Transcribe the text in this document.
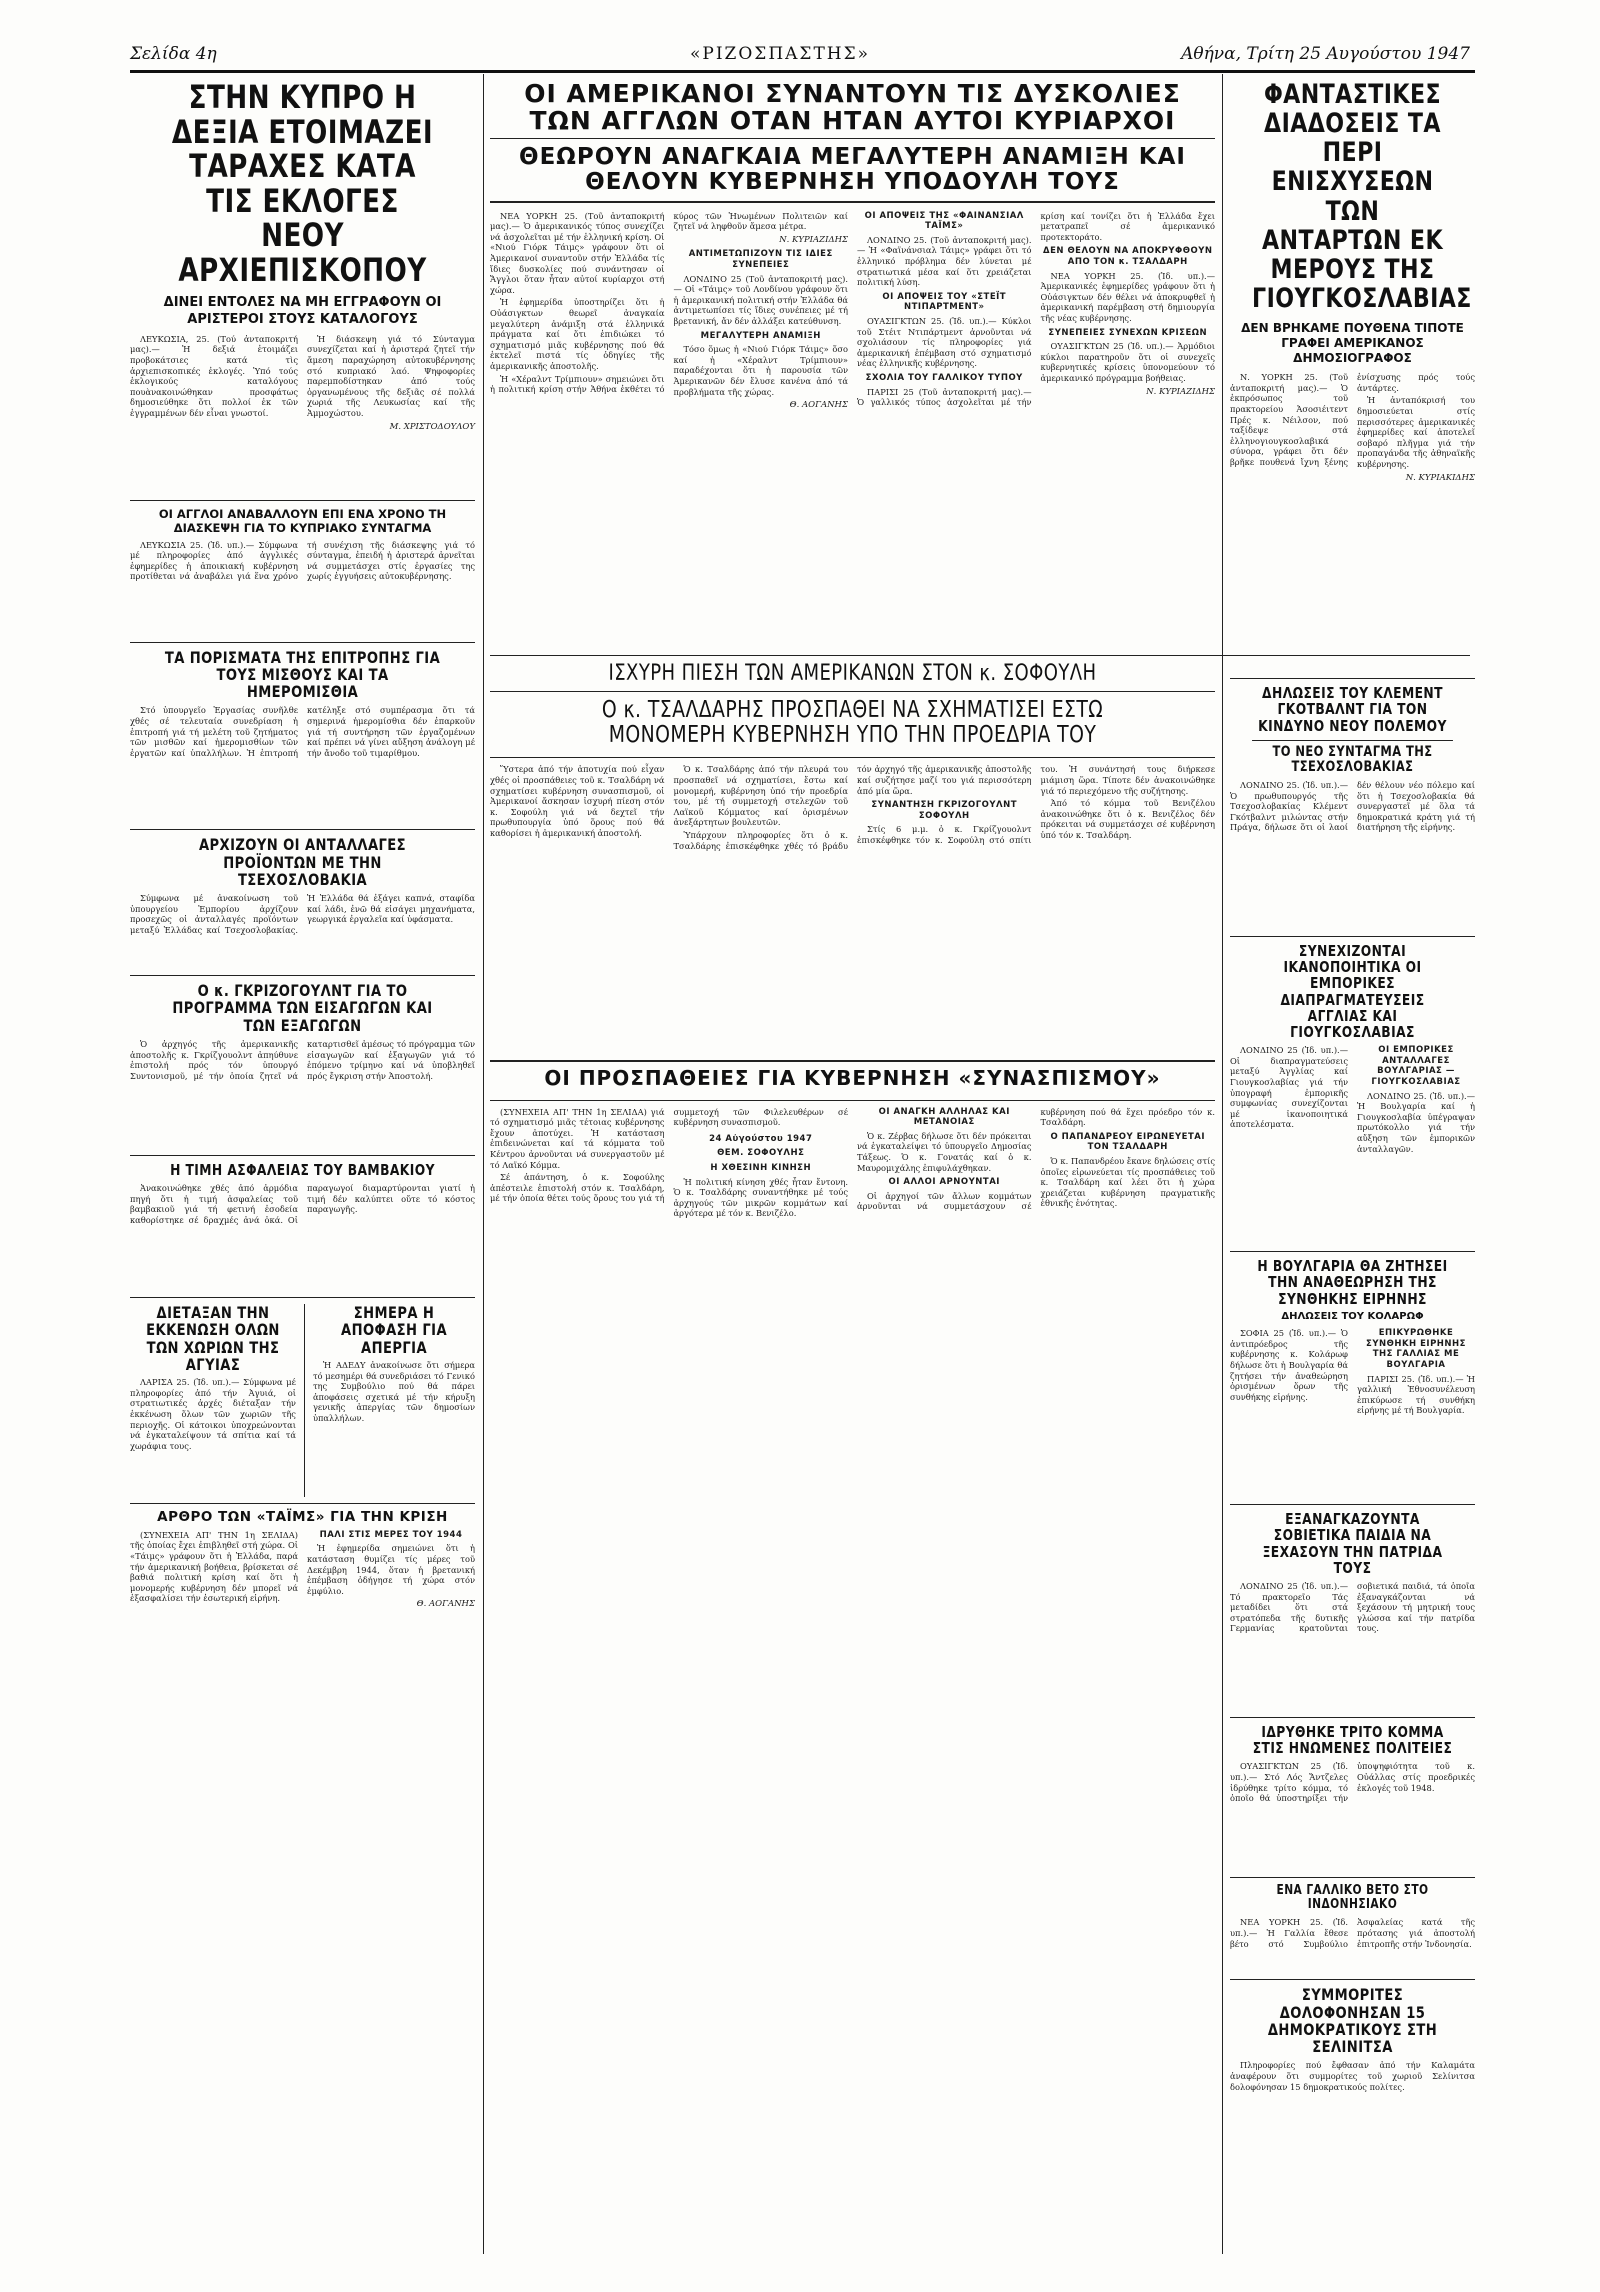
Σελίδα 4η	«ΡΙΖΟΣΠΑΣΤΗΣ»	Αθήνα, Τρίτη 25 Αυγούστου 1947
ΣΤΗΝ ΚΥΠΡΟ Η ΔΕΞΙΑ ΕΤΟΙΜΑΖΕΙ ΤΑΡΑΧΕΣ ΚΑΤΑ ΤΙΣ ΕΚΛΟΓΕΣ ΝΕΟΥ ΑΡΧΙΕΠΙΣΚΟΠΟΥ
ΔΙΝΕΙ ΕΝΤΟΛΕΣ ΝΑ ΜΗ ΕΓΓΡΑΦΟΥΝ ΟΙ ΑΡΙΣΤΕΡΟΙ ΣΤΟΥΣ ΚΑΤΑΛΟΓΟΥΣ

ΛΕΥΚΩΣΙΑ, 25. (Τού ἀνταποκριτή μας).— Ἡ δεξιά ἑτοιμάζει προβοκάτσιες κατά τὶς ἀρχιεπισκοπικές ἐκλογές. Ὑπό τούς ἐκλογικούς καταλόγους πουὰνακοινώθηκαν προσφάτως δημοσιεύθηκε ὅτι πολλοί ἐκ τῶν ἐγγραμμένων δέν εἶναι γνωστοί.

Ἡ διάσκεψη γιά τό Σύνταγμα συνεχίζεται καί ἡ ἀριστερά ζητεῖ τήν ἄμεση παραχώρηση αὐτοκυβέρνησης στό κυπριακό λαό. Ψηφοφορίες παρεμποδίστηκαν ἀπό τούς ὀργανωμένους τῆς δεξιᾶς σέ πολλά χωριά τῆς Λευκωσίας καί τῆς Ἀμμοχώστου.

Μ. ΧΡΙΣΤΟΔΟΥΛΟΥ
ΟΙ ΑΓΓΛΟΙ ΑΝΑΒΑΛΛΟΥΝ ΕΠΙ ΕΝΑ ΧΡΟΝΟ ΤΗ ΔΙΑΣΚΕΨΗ ΓΙΑ ΤΟ ΚΥΠΡΙΑΚΟ ΣΥΝΤΑΓΜΑ

ΛΕΥΚΩΣΙΑ 25. (Ἰδ. υπ.).— Σύμφωνα μέ πληροφορίες ἀπό ἀγγλικές ἐφημερίδες ἡ ἀποικιακή κυβέρνηση προτίθεται νά ἀναβάλει γιά ἕνα χρόνο τή συνέχιση τῆς διάσκεψης γιά τό σύνταγμα, ἐπειδή ἡ ἀριστερά ἀρνεῖται νά συμμετάσχει στίς ἐργασίες της χωρίς ἐγγυήσεις αὐτοκυβέρνησης.

ΤΑ ΠΟΡΙΣΜΑΤΑ ΤΗΣ ΕΠΙΤΡΟΠΗΣ ΓΙΑ ΤΟΥΣ ΜΙΣΘΟΥΣ ΚΑΙ ΤΑ ΗΜΕΡΟΜΙΣΘΙΑ

Στό ὑπουργεῖο Ἐργασίας συνῆλθε χθές σέ τελευταία συνεδρίαση ἡ ἐπιτροπή γιά τή μελέτη τοῦ ζητήματος τῶν μισθῶν καί ἡμερομισθίων τῶν ἐργατῶν καί ὑπαλλήλων. Ἡ ἐπιτροπή κατέληξε στό συμπέρασμα ὅτι τά σημερινά ἡμερομίσθια δέν ἐπαρκοῦν γιά τή συντήρηση τῶν ἐργαζομένων καί πρέπει νά γίνει αὔξηση ἀνάλογη μέ τήν ἄνοδο τοῦ τιμαρίθμου.

ΑΡΧΙΖΟΥΝ ΟΙ ΑΝΤΑΛΛΑΓΕΣ ΠΡΟΪΟΝΤΩΝ ΜΕ ΤΗΝ ΤΣΕΧΟΣΛΟΒΑΚΙΑ

Σύμφωνα μέ ἀνακοίνωση τοῦ ὑπουργείου Ἐμπορίου ἀρχίζουν προσεχῶς οἱ ἀνταλλαγές προϊόντων μεταξύ Ἑλλάδας καί Τσεχοσλοβακίας. Ἡ Ἑλλάδα θά ἐξάγει καπνά, σταφίδα καί λάδι, ἐνῶ θά εἰσάγει μηχανήματα, γεωργικά ἐργαλεῖα καί ὑφάσματα.

Ο κ. ΓΚΡΙΖΟΓΟΥΛΝΤ ΓΙΑ ΤΟ ΠΡΟΓΡΑΜΜΑ ΤΩΝ ΕΙΣΑΓΩΓΩΝ ΚΑΙ ΤΩΝ ΕΞΑΓΩΓΩΝ

Ὁ ἀρχηγός τῆς ἀμερικανικῆς ἀποστολῆς κ. Γκρίζγουολντ ἀπηύθυνε ἐπιστολή πρός τόν ὑπουργό Συντονισμοῦ, μέ τήν ὁποία ζητεῖ νά καταρτισθεῖ ἀμέσως τό πρόγραμμα τῶν εἰσαγωγῶν καί ἐξαγωγῶν γιά τό ἑπόμενο τρίμηνο καί νά ὑποβληθεῖ πρός ἔγκριση στήν Ἀποστολή.

Η ΤΙΜΗ ΑΣΦΑΛΕΙΑΣ ΤΟΥ ΒΑΜΒΑΚΙΟΥ

Ἀνακοινώθηκε χθές ἀπό ἀρμόδια πηγή ὅτι ἡ τιμή ἀσφαλείας τοῦ βαμβακιοῦ γιά τή φετινή ἐσοδεία καθορίστηκε σέ δραχμές ἀνά ὀκά. Οἱ παραγωγοί διαμαρτύρονται γιατί ἡ τιμή δέν καλύπτει οὔτε τό κόστος παραγωγῆς.

ΔΙΕΤΑΞΑΝ ΤΗΝ ΕΚΚΕΝΩΣΗ ΟΛΩΝ ΤΩΝ ΧΩΡΙΩΝ ΤΗΣ ΑΓΥΙΑΣ

ΛΑΡΙΣΑ 25. (Ἰδ. υπ.).— Σύμφωνα μέ πληροφορίες ἀπό τήν Ἀγυιά, οἱ στρατιωτικές ἀρχές διέταξαν τήν ἐκκένωση ὅλων τῶν χωριῶν τῆς περιοχῆς. Οἱ κάτοικοι ὑποχρεώνονται νά ἐγκαταλείψουν τά σπίτια καί τά χωράφια τους.

ΣΗΜΕΡΑ Η ΑΠΟΦΑΣΗ ΓΙΑ ΑΠΕΡΓΙΑ

Ἡ ΑΔΕΔΥ ἀνακοίνωσε ὅτι σήμερα τό μεσημέρι θά συνεδριάσει τό Γενικό της Συμβούλιο πού θά πάρει ἀποφάσεις σχετικά μέ τήν κήρυξη γενικῆς ἀπεργίας τῶν δημοσίων ὑπαλλήλων.

ΑΡΘΡΟ ΤΩΝ «ΤΑΪΜΣ» ΓΙΑ ΤΗΝ ΚΡΙΣΗ

(ΣΥΝΕΧΕΙΑ ΑΠ' ΤΗΝ 1η ΣΕΛΙΔΑ) τῆς ὁποίας ἔχει ἐπιβληθεῖ στή χώρα. Οἱ «Τάιμς» γράφουν ὅτι ἡ Ἑλλάδα, παρά τήν ἀμερικανική βοήθεια, βρίσκεται σέ βαθιά πολιτική κρίση καί ὅτι ἡ μονομερής κυβέρνηση δέν μπορεῖ νά ἐξασφαλίσει τήν ἐσωτερική εἰρήνη.

ΠΑΛΙ ΣΤΙΣ ΜΕΡΕΣ ΤΟΥ 1944

Ἡ ἐφημερίδα σημειώνει ὅτι ἡ κατάσταση θυμίζει τίς μέρες τοῦ Δεκέμβρη 1944, ὅταν ἡ βρετανική ἐπέμβαση ὁδήγησε τή χώρα στόν ἐμφύλιο.

Θ. ΑΟΓΑΝΗΣ
ΟΙ ΑΜΕΡΙΚΑΝΟΙ ΣΥΝΑΝΤΟΥΝ ΤΙΣ ΔΥΣΚΟΛΙΕΣ ΤΩΝ ΑΓΓΛΩΝ ΟΤΑΝ ΗΤΑΝ ΑΥΤΟΙ ΚΥΡΙΑΡΧΟΙ
ΘΕΩΡΟΥΝ ΑΝΑΓΚΑΙΑ ΜΕΓΑΛΥΤΕΡΗ ΑΝΑΜΙΞΗ ΚΑΙ ΘΕΛΟΥΝ ΚΥΒΕΡΝΗΣΗ ΥΠΟΔΟΥΛΗ ΤΟΥΣ

ΝΕΑ ΥΟΡΚΗ 25. (Τοῦ ἀνταποκριτή μας).— Ὁ ἀμερικανικός τύπος συνεχίζει νά ἀσχολεῖται μέ τήν ἑλληνική κρίση. Οἱ «Νιού Γιόρκ Τάιμς» γράφουν ὅτι οἱ Ἀμερικανοί συναντοῦν στήν Ἑλλάδα τίς ἴδιες δυσκολίες πού συνάντησαν οἱ Ἄγγλοι ὅταν ἦταν αὐτοί κυρίαρχοι στή χώρα.

Ἡ ἐφημερίδα ὑποστηρίζει ὅτι ἡ Οὐάσιγκτων θεωρεῖ ἀναγκαία μεγαλύτερη ἀνάμιξη στά ἑλληνικά πράγματα καί ὅτι ἐπιδιώκει τό σχηματισμό μιᾶς κυβέρνησης πού θά ἐκτελεῖ πιστά τίς ὁδηγίες τῆς ἀμερικανικῆς ἀποστολῆς.

Ἡ «Χέραλντ Τρίμπιουν» σημειώνει ὅτι ἡ πολιτική κρίση στήν Ἀθήνα ἐκθέτει τό κύρος τῶν Ἡνωμένων Πολιτειῶν καί ζητεῖ νά ληφθοῦν ἄμεσα μέτρα.

Ν. ΚΥΡΙΑΖΙΔΗΣ
ΑΝΤΙΜΕΤΩΠΙΖΟΥΝ ΤΙΣ ΙΔΙΕΣ ΣΥΝΕΠΕΙΕΣ

ΛΟΝΔΙΝΟ 25 (Τοῦ ἀνταποκριτή μας).— Οἱ «Τάιμς» τοῦ Λονδίνου γράφουν ὅτι ἡ ἀμερικανική πολιτική στήν Ἑλλάδα θά ἀντιμετωπίσει τίς ἴδιες συνέπειες μέ τή βρετανική, ἄν δέν ἀλλάξει κατεύθυνση.

ΜΕΓΑΛΥΤΕΡΗ ΑΝΑΜΙΞΗ

Τόσο ὅμως ἡ «Νιού Γιόρκ Τάιμς» ὅσο καί ἡ «Χέραλντ Τρίμπιουν» παραδέχονται ὅτι ἡ παρουσία τῶν Ἀμερικανῶν δέν ἔλυσε κανένα ἀπό τά προβλήματα τῆς χώρας.

Θ. ΑΟΓΑΝΗΣ
ΟΙ ΑΠΟΨΕΙΣ ΤΗΣ «ΦΑΙΝΑΝΣΙΑΛ ΤΑΪΜΣ»

ΛΟΝΔΙΝΟ 25. (Τοῦ ἀνταποκριτή μας).— Ἡ «Φαϊνάνσιαλ Τάιμς» γράφει ὅτι τό ἑλληνικό πρόβλημα δέν λύνεται μέ στρατιωτικά μέσα καί ὅτι χρειάζεται πολιτική λύση.

ΟΙ ΑΠΟΨΕΙΣ ΤΟΥ «ΣΤΕΪΤ ΝΤΙΠΑΡΤΜΕΝΤ»

ΟΥΑΣΙΓΚΤΩΝ 25. (Ἰδ. υπ.).— Κύκλοι τοῦ Στέιτ Ντιπάρτμεντ ἀρνοῦνται νά σχολιάσουν τίς πληροφορίες γιά ἀμερικανική ἐπέμβαση στό σχηματισμό νέας ἑλληνικῆς κυβέρνησης.

ΣΧΟΛΙΑ ΤΟΥ ΓΑΛΛΙΚΟΥ ΤΥΠΟΥ

ΠΑΡΙΣΙ 25 (Τοῦ ἀνταποκριτή μας).— Ὁ γαλλικός τύπος ἀσχολεῖται μέ τήν κρίση καί τονίζει ὅτι ἡ Ἑλλάδα ἔχει μετατραπεῖ σέ ἀμερικανικό προτεκτοράτο.

ΔΕΝ ΘΕΛΟΥΝ ΝΑ ΑΠΟΚΡΥΦΘΟΥΝ ΑΠΟ ΤΟΝ κ. ΤΣΑΛΔΑΡΗ

ΝΕΑ ΥΟΡΚΗ 25. (Ἰδ. υπ.).— Ἀμερικανικές ἐφημερίδες γράφουν ὅτι ἡ Οὐάσιγκτων δέν θέλει νά ἀποκρυφθεῖ ἡ ἀμερικανική παρέμβαση στή δημιουργία τῆς νέας κυβέρνησης.

ΣΥΝΕΠΕΙΕΣ ΣΥΝΕΧΩΝ ΚΡΙΣΕΩΝ

ΟΥΑΣΙΓΚΤΩΝ 25 (Ἰδ. υπ.).— Ἀρμόδιοι κύκλοι παρατηροῦν ὅτι οἱ συνεχεῖς κυβερνητικές κρίσεις ὑπονομεύουν τό ἀμερικανικό πρόγραμμα βοήθειας.

Ν. ΚΥΡΙΑΖΙΔΗΣ
ΙΣΧΥΡΗ ΠΙΕΣΗ ΤΩΝ ΑΜΕΡΙΚΑΝΩΝ ΣΤΟΝ κ. ΣΟΦΟΥΛΗ
Ο κ. ΤΣΑΛΔΑΡΗΣ ΠΡΟΣΠΑΘΕΙ ΝΑ ΣΧΗΜΑΤΙΣΕΙ ΕΣΤΩ ΜΟΝΟΜΕΡΗ ΚΥΒΕΡΝΗΣΗ ΥΠΟ ΤΗΝ ΠΡΟΕΔΡΙΑ ΤΟΥ

Ὕστερα ἀπό τήν ἀποτυχία πού εἶχαν χθές οἱ προσπάθειες τοῦ κ. Τσαλδάρη νά σχηματίσει κυβέρνηση συνασπισμοῦ, οἱ Ἀμερικανοί ἄσκησαν ἰσχυρή πίεση στόν κ. Σοφούλη γιά νά δεχτεῖ τήν πρωθυπουργία ὑπό ὅρους πού θά καθορίσει ἡ ἀμερικανική ἀποστολή.

Ὁ κ. Τσαλδάρης ἀπό τήν πλευρά του προσπαθεῖ νά σχηματίσει, ἔστω καί μονομερή, κυβέρνηση ὑπό τήν προεδρία του, μέ τή συμμετοχή στελεχῶν τοῦ Λαϊκοῦ Κόμματος καί ὁρισμένων ἀνεξάρτητων βουλευτῶν.

Ὑπάρχουν πληροφορίες ὅτι ὁ κ. Τσαλδάρης ἐπισκέφθηκε χθές τό βράδυ τόν ἀρχηγό τῆς ἀμερικανικῆς ἀποστολῆς καί συζήτησε μαζί του γιά περισσότερη ἀπό μία ὥρα.

ΣΥΝΑΝΤΗΣΗ ΓΚΡΙΖΟΓΟΥΛΝΤ ΣΟΦΟΥΛΗ

Στίς 6 μ.μ. ὁ κ. Γκρίζγουολντ ἐπισκέφθηκε τόν κ. Σοφούλη στό σπίτι του. Ἡ συνάντησή τους διήρκεσε μιάμιση ὥρα. Τίποτε δέν ἀνακοινώθηκε γιά τό περιεχόμενο τῆς συζήτησης.

Ἀπό τό κόμμα τοῦ Βενιζέλου ἀνακοινώθηκε ὅτι ὁ κ. Βενιζέλος δέν πρόκειται νά συμμετάσχει σέ κυβέρνηση ὑπό τόν κ. Τσαλδάρη.

ΟΙ ΠΡΟΣΠΑΘΕΙΕΣ ΓΙΑ ΚΥΒΕΡΝΗΣΗ «ΣΥΝΑΣΠΙΣΜΟΥ»

(ΣΥΝΕΧΕΙΑ ΑΠ' ΤΗΝ 1η ΣΕΛΙΔΑ) γιά τό σχηματισμό μιᾶς τέτοιας κυβέρνησης ἔχουν ἀποτύχει. Ἡ κατάσταση ἐπιδεινώνεται καί τά κόμματα τοῦ Κέντρου ἀρνοῦνται νά συνεργαστοῦν μέ τό Λαϊκό Κόμμα.

Σέ ἀπάντηση, ὁ κ. Σοφούλης ἀπέστειλε ἐπιστολή στόν κ. Τσαλδάρη, μέ τήν ὁποία θέτει τούς ὅρους του γιά τή συμμετοχή τῶν Φιλελευθέρων σέ κυβέρνηση συνασπισμοῦ.

24 Αὐγούστου 1947
ΘΕΜ. ΣΟΦΟΥΛΗΣ
Η ΧΘΕΣΙΝΗ ΚΙΝΗΣΗ

Ἡ πολιτική κίνηση χθές ἦταν ἔντονη. Ὁ κ. Τσαλδάρης συναντήθηκε μέ τούς ἀρχηγούς τῶν μικρῶν κομμάτων καί ἀργότερα μέ τόν κ. Βενιζέλο.

ΟΙ ΑΝΑΓΚΗ ΑΛΛΗΛΑΣ ΚΑΙ ΜΕΤΑΝΟΙΑΣ

Ὁ κ. Ζέρβας δήλωσε ὅτι δέν πρόκειται νά ἐγκαταλείψει τό ὑπουργεῖο Δημοσίας Τάξεως. Ὁ κ. Γονατάς καί ὁ κ. Μαυρομιχάλης ἐπιφυλάχθηκαν.

ΟΙ ΑΛΛΟΙ ΑΡΝΟΥΝΤΑΙ

Οἱ ἀρχηγοί τῶν ἄλλων κομμάτων ἀρνοῦνται νά συμμετάσχουν σέ κυβέρνηση πού θά ἔχει πρόεδρο τόν κ. Τσαλδάρη.

Ο ΠΑΠΑΝΔΡΕΟΥ ΕΙΡΩΝΕΥΕΤΑΙ ΤΟΝ ΤΣΑΛΔΑΡΗ

Ὁ κ. Παπανδρέου ἔκανε δηλώσεις στίς ὁποῖες εἰρωνεύεται τίς προσπάθειες τοῦ κ. Τσαλδάρη καί λέει ὅτι ἡ χώρα χρειάζεται κυβέρνηση πραγματικῆς ἐθνικῆς ἑνότητας.

ΦΑΝΤΑΣΤΙΚΕΣ ΔΙΑΔΟΣΕΙΣ ΤΑ ΠΕΡΙ ΕΝΙΣΧΥΣΕΩΝ ΤΩΝ ΑΝΤΑΡΤΩΝ ΕΚ ΜΕΡΟΥΣ ΤΗΣ ΓΙΟΥΓΚΟΣΛΑΒΙΑΣ
ΔΕΝ ΒΡΗΚΑΜΕ ΠΟΥΘΕΝΑ ΤΙΠΟΤΕ ΓΡΑΦΕΙ ΑΜΕΡΙΚΑΝΟΣ ΔΗΜΟΣΙΟΓΡΑΦΟΣ

Ν. ΥΟΡΚΗ 25. (Τοῦ ἀνταποκριτή μας).— Ὁ ἐκπρόσωπος τοῦ πρακτορείου Ἀσοσιέιτεντ Πρές κ. Νέιλσον, πού ταξίδεψε στά ἑλληνογιουγκοσλαβικά σύνορα, γράφει ὅτι δέν βρῆκε πουθενά ἴχνη ξένης ἐνίσχυσης πρός τούς ἀντάρτες.

Ἡ ἀνταπόκρισή του δημοσιεύεται στίς περισσότερες ἀμερικανικές ἐφημερίδες καί ἀποτελεῖ σοβαρό πλῆγμα γιά τήν προπαγάνδα τῆς ἀθηναϊκῆς κυβέρνησης.

Ν. ΚΥΡΙΑΚΙΔΗΣ
ΔΗΛΩΣΕΙΣ ΤΟΥ ΚΛΕΜΕΝΤ ΓΚΟΤΒΑΛΝΤ ΓΙΑ ΤΟΝ ΚΙΝΔΥΝΟ ΝΕΟΥ ΠΟΛΕΜΟΥ
ΤΟ ΝΕΟ ΣΥΝΤΑΓΜΑ ΤΗΣ ΤΣΕΧΟΣΛΟΒΑΚΙΑΣ

ΛΟΝΔΙΝΟ 25. (Ἰδ. υπ.).— Ὁ πρωθυπουργός τῆς Τσεχοσλοβακίας Κλέμεντ Γκότβαλντ μιλώντας στήν Πράγα, δήλωσε ὅτι οἱ λαοί δέν θέλουν νέο πόλεμο καί ὅτι ἡ Τσεχοσλοβακία θά συνεργαστεῖ μέ ὅλα τά δημοκρατικά κράτη γιά τή διατήρηση τῆς εἰρήνης.

ΣΥΝΕΧΙΖΟΝΤΑΙ ΙΚΑΝΟΠΟΙΗΤΙΚΑ ΟΙ ΕΜΠΟΡΙΚΕΣ ΔΙΑΠΡΑΓΜΑΤΕΥΣΕΙΣ ΑΓΓΛΙΑΣ ΚΑΙ ΓΙΟΥΓΚΟΣΛΑΒΙΑΣ

ΛΟΝΔΙΝΟ 25 (Ἰδ. υπ.).— Οἱ διαπραγματεύσεις μεταξύ Ἀγγλίας καί Γιουγκοσλαβίας γιά τήν ὑπογραφή ἐμπορικῆς συμφωνίας συνεχίζονται μέ ἱκανοποιητικά ἀποτελέσματα.

ΟΙ ΕΜΠΟΡΙΚΕΣ ΑΝΤΑΛΛΑΓΕΣ ΒΟΥΛΓΑΡΙΑΣ — ΓΙΟΥΓΚΟΣΛΑΒΙΑΣ

ΛΟΝΔΙΝΟ 25. (Ἰδ. υπ.).— Ἡ Βουλγαρία καί ἡ Γιουγκοσλαβία ὑπέγραψαν πρωτόκολλο γιά τήν αὔξηση τῶν ἐμπορικῶν ἀνταλλαγῶν.

Η ΒΟΥΛΓΑΡΙΑ ΘΑ ΖΗΤΗΣΕΙ ΤΗΝ ΑΝΑΘΕΩΡΗΣΗ ΤΗΣ ΣΥΝΘΗΚΗΣ ΕΙΡΗΝΗΣ
ΔΗΛΩΣΕΙΣ ΤΟΥ ΚΟΛΑΡΩΦ

ΣΟΦΙΑ 25 (Ἰδ. υπ.).— Ὁ ἀντιπρόεδρος τῆς κυβέρνησης κ. Κολάρωφ δήλωσε ὅτι ἡ Βουλγαρία θά ζητήσει τήν ἀναθεώρηση ὁρισμένων ὅρων τῆς συνθήκης εἰρήνης.

ΕΠΙΚΥΡΩΘΗΚΕ ΣΥΝΘΗΚΗ ΕΙΡΗΝΗΣ ΤΗΣ ΓΑΛΛΙΑΣ ΜΕ ΒΟΥΛΓΑΡΙΑ

ΠΑΡΙΣΙ 25. (Ἰδ. υπ.).— Ἡ γαλλική Ἐθνοσυνέλευση ἐπικύρωσε τή συνθήκη εἰρήνης μέ τή Βουλγαρία.

ΕΞΑΝΑΓΚΑΖΟΥΝΤΑ ΣΟΒΙΕΤΙΚΑ ΠΑΙΔΙΑ ΝΑ ΞΕΧΑΣΟΥΝ ΤΗΝ ΠΑΤΡΙΔΑ ΤΟΥΣ

ΛΟΝΔΙΝΟ 25 (Ἰδ. υπ.).— Τό πρακτορεῖο Τάς μεταδίδει ὅτι στά στρατόπεδα τῆς δυτικῆς Γερμανίας κρατοῦνται σοβιετικά παιδιά, τά ὁποῖα ἐξαναγκάζονται νά ξεχάσουν τή μητρική τους γλώσσα καί τήν πατρίδα τους.

ΙΔΡΥΘΗΚΕ ΤΡΙΤΟ ΚΟΜΜΑ ΣΤΙΣ ΗΝΩΜΕΝΕΣ ΠΟΛΙΤΕΙΕΣ

ΟΥΑΣΙΓΚΤΩΝ 25 (Ἰδ. υπ.).— Στό Λός Ἄντζελες ἱδρύθηκε τρίτο κόμμα, τό ὁποῖο θά ὑποστηρίξει τήν ὑποψηφιότητα τοῦ κ. Οὐάλλας στίς προεδρικές ἐκλογές τοῦ 1948.

ΕΝΑ ΓΑΛΛΙΚΟ ΒΕΤΟ ΣΤΟ ΙΝΔΟΝΗΣΙΑΚΟ

ΝΕΑ ΥΟΡΚΗ 25. (Ἰδ. υπ.).— Ἡ Γαλλία ἔθεσε βέτο στό Συμβούλιο Ἀσφαλείας κατά τῆς πρότασης γιά ἀποστολή ἐπιτροπῆς στήν Ἰνδονησία.

ΣΥΜΜΟΡΙΤΕΣ ΔΟΛΟΦΟΝΗΣΑΝ 15 ΔΗΜΟΚΡΑΤΙΚΟΥΣ ΣΤΗ ΣΕΛΙΝΙΤΣΑ

Πληροφορίες πού ἔφθασαν ἀπό τήν Καλαμάτα ἀναφέρουν ὅτι συμμορίτες τοῦ χωριοῦ Σελίνιτσα δολοφόνησαν 15 δημοκρατικούς πολίτες.
